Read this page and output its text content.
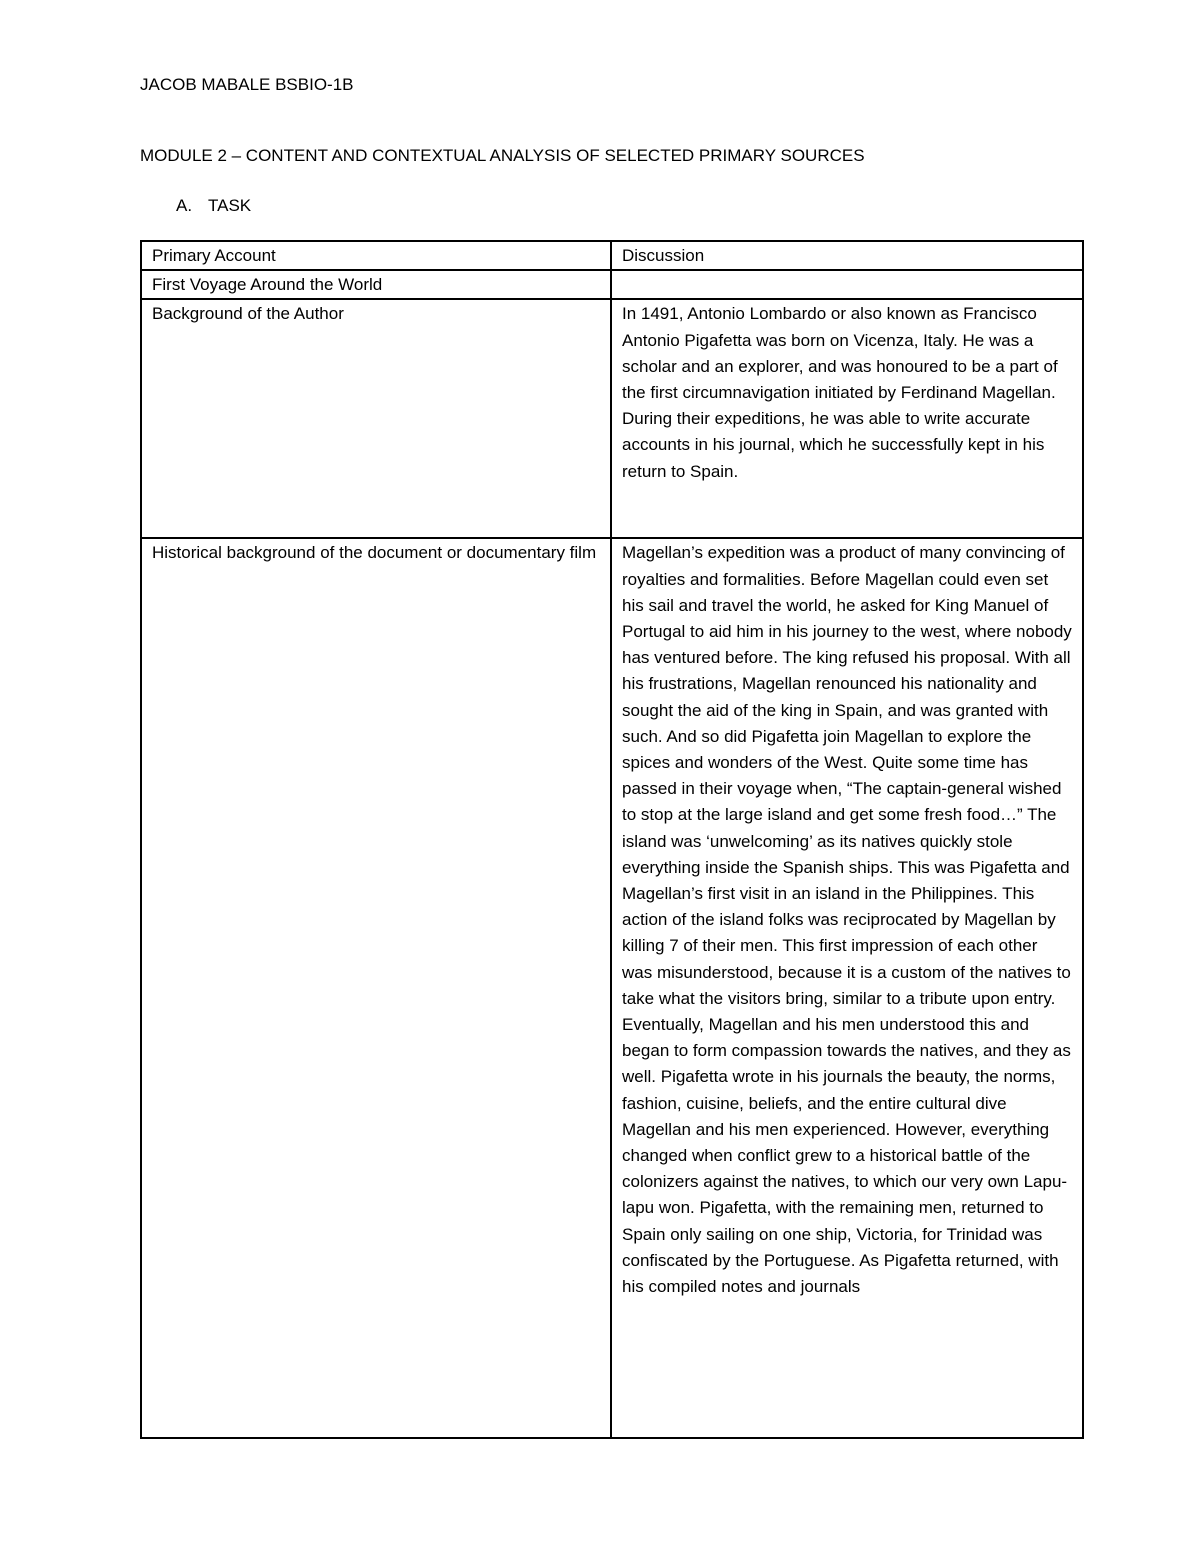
JACOB MABALE BSBIO-1B
MODULE 2 – CONTENT AND CONTEXTUAL ANALYSIS OF SELECTED PRIMARY SOURCES
A. TASK
Primary Account	Discussion
First Voyage Around the World	
Background of the Author	In 1491, Antonio Lombardo or also known as Francisco Antonio Pigafetta was born on Vicenza, Italy. He was a scholar and an explorer, and was honoured to be a part of the first circumnavigation initiated by Ferdinand Magellan. During their expeditions, he was able to write accurate accounts in his journal, which he successfully kept in his return to Spain.
Historical background of the document or documentary film	Magellan’s expedition was a product of many convincing of royalties and formalities. Before Magellan could even set his sail and travel the world, he asked for King Manuel of Portugal to aid him in his journey to the west, where nobody has ventured before. The king refused his proposal. With all his frustrations, Magellan renounced his nationality and sought the aid of the king in Spain, and was granted with such. And so did Pigafetta join Magellan to explore the spices and wonders of the West. Quite some time has passed in their voyage when, “The captain-general wished to stop at the large island and get some fresh food…” The island was ‘unwelcoming’ as its natives quickly stole everything inside the Spanish ships. This was Pigafetta and Magellan’s first visit in an island in the Philippines. This action of the island folks was reciprocated by Magellan by killing 7 of their men. This first impression of each other was misunderstood, because it is a custom of the natives to take what the visitors bring, similar to a tribute upon entry. Eventually, Magellan and his men understood this and began to form compassion towards the natives, and they as well. Pigafetta wrote in his journals the beauty, the norms, fashion, cuisine, beliefs, and the entire cultural dive Magellan and his men experienced. However, everything changed when conflict grew to a historical battle of the colonizers against the natives, to which our very own Lapu-lapu won. Pigafetta, with the remaining men, returned to Spain only sailing on one ship, Victoria, for Trinidad was confiscated by the Portuguese. As Pigafetta returned, with his compiled notes and journals
